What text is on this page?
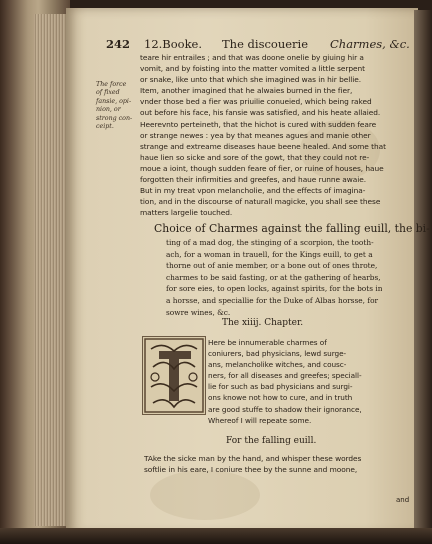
242 12.Booke. The discouerie Charmes, &c.
The force
of fixed
fansie, opi-
nion, or
strong con-
ceipt.
teare hir entrailes ; and that was doone onelie by giuing hir a
vomit, and by foisting into the matter vomited a little serpent
or snake, like unto that which she imagined was in hir bellie.
Item, another imagined that he alwaies burned in the fier,
vnder those bed a fier was priuilie conueied, which being raked
out before his face, his fansie was satisfied, and his heate allaied.
Heerevnto perteineth, that the hichot is cured with sudden feare
or strange newes : yea by that meanes agues and manie other
strange and extreame diseases haue beene healed. And some that
haue lien so sicke and sore of the gowt, that they could not re-
moue a ioint, though sudden feare of fier, or ruine of houses, haue
forgotten their infirmities and greefes, and haue runne awaie.
But in my treat vpon melancholie, and the effects of imagina-
tion, and in the discourse of naturall magicke, you shall see these
matters largelie touched.
Choice of Charmes against the falling euill, the bi-
ting of a mad dog, the stinging of a scorpion, the tooth-
ach, for a woman in trauell, for the Kings euill, to get a
thorne out of anie member, or a bone out of ones throte,
charmes to be said fasting, or at the gathering of hearbs,
for sore eies, to open locks, against spirits, for the bots in
a horsse, and speciallie for the Duke of Albas horsse, for
sowre wines, &c.
The xiiij. Chapter.
Here be innumerable charmes of
coniurers, bad physicians, lewd surge-
ans, melancholike witches, and cousc-
ners, for all diseases and greefes; speciall-
lie for such as bad physicians and surgi-
ons knowe not how to cure, and in truth
are good stuffe to shadow their ignorance,
Whereof I will repeate some.
For the falling euill.
TAke the sicke man by the hand, and whisper these wordes
softlie in his eare, I coniure thee by the sunne and moone,
and
